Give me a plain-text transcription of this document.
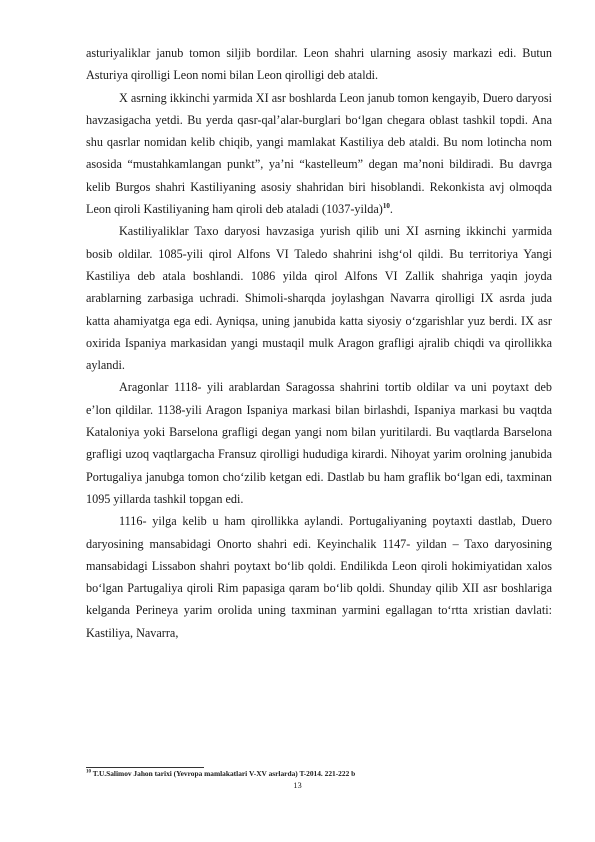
asturiyaliklar janub tomon siljib bordilar. Leon shahri ularning asosiy markazi edi. Butun Asturiya qirolligi Leon nomi bilan Leon qirolligi deb ataldi.

X asrning ikkinchi yarmida XI asr boshlarda Leon janub tomon kengayib, Duero daryosi havzasigacha yetdi. Bu yerda qasr-qal’alar-burglari bo‘lgan chegara oblast tashkil topdi. Ana shu qasrlar nomidan kelib chiqib, yangi mamlakat Kastiliya deb ataldi. Bu nom lotincha nom asosida “mustahkamlangan punkt”, ya’ni “kastelleum” degan ma’noni bildiradi. Bu davrga kelib Burgos shahri Kastiliyaning asosiy shahridan biri hisoblandi. Rekonkista avj olmoqda Leon qiroli Kastiliyaning ham qiroli deb ataladi (1037-yilda)$^{10}$.

Kastiliyaliklar Taxo daryosi havzasiga yurish qilib uni XI asrning ikkinchi yarmida bosib oldilar. 1085-yili qirol Alfons VI Taledo shahrini ishg‘ol qildi. Bu territoriya Yangi Kastiliya deb atala boshlandi. 1086 yilda qirol Alfons VI Zallik shahriga yaqin joyda arablarning zarbasiga uchradi. Shimoli-sharqda joylashgan Navarra qirolligi IX asrda juda katta ahamiyatga ega edi. Ayniqsa, uning janubida katta siyosiy o‘zgarishlar yuz berdi. IX asr oxirida Ispaniya markasidan yangi mustaqil mulk Aragon grafligi ajralib chiqdi va qirollikka aylandi.

Aragonlar 1118- yili arablardan Saragossa shahrini tortib oldilar va uni poytaxt deb e’lon qildilar. 1138-yili Aragon Ispaniya markasi bilan birlashdi, Ispaniya markasi bu vaqtda Kataloniya yoki Barselona grafligi degan yangi nom bilan yuritilardi. Bu vaqtlarda Barselona grafligi uzoq vaqtlargacha Fransuz qirolligi hududiga kirardi. Nihoyat yarim orolning janubida Portugaliya janubga tomon cho‘zilib ketgan edi. Dastlab bu ham graflik bo‘lgan edi, taxminan 1095 yillarda tashkil topgan edi.

1116- yilga kelib u ham qirollikka aylandi. Portugaliyaning poytaxti dastlab, Duero daryosining mansabidagi Onorto shahri edi. Keyinchalik 1147- yildan – Taxo daryosining mansabidagi Lissabon shahri poytaxt bo‘lib qoldi. Endilikda Leon qiroli hokimiyatidan xalos bo‘lgan Partugaliya qiroli Rim papasiga qaram bo‘lib qoldi. Shunday qilib XII asr boshlariga kelganda Perineya yarim orolida uning taxminan yarmini egallagan to‘rtta xristian davlati: Kastiliya, Navarra,

$^{10}$ T.U.Salimov Jahon tarixi (Yevropa mamlakatlari V-XV asrlarda) T-2014. 221-222 b
13
